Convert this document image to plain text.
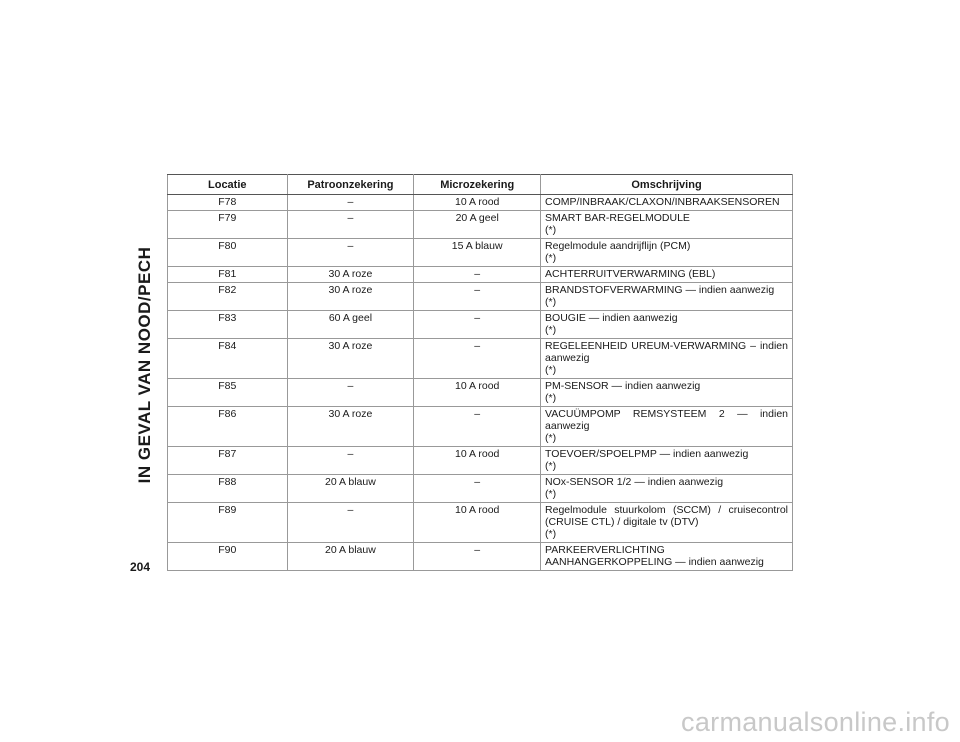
IN GEVAL VAN NOOD/PECH
Locatie	Patroonzekering	Microzekering	Omschrijving
F78	–	10 A rood	COMP/INBRAAK/CLAXON/INBRAAKSENSOREN

F79	–	20 A geel	SMART BAR-REGELMODULE
(*)

F80	–	15 A blauw	Regelmodule aandrijflijn (PCM)
(*)

F81	30 A roze	–	ACHTERRUITVERWARMING (EBL)

F82	30 A roze	–	BRANDSTOFVERWARMING — indien aanwezig
(*)

F83	60 A geel	–	BOUGIE — indien aanwezig
(*)

F84	30 A roze	–	REGELEENHEID UREUM-VERWARMING – indien aanwezig
(*)

F85	–	10 A rood	PM-SENSOR — indien aanwezig
(*)

F86	30 A roze	–	VACUÜMPOMP REMSYSTEEM 2 — indien aanwezig
(*)

F87	–	10 A rood	TOEVOER/SPOELPMP — indien aanwezig
(*)

F88	20 A blauw	–	NOx-SENSOR 1/2 — indien aanwezig
(*)

F89	–	10 A rood	Regelmodule stuurkolom (SCCM) / cruisecontrol (CRUISE CTL) / digitale tv (DTV)
(*)

F90	20 A blauw	–	PARKEERVERLICHTING AANHANGERKOPPELING — indien aanwezig
204
carmanualsonline.info
